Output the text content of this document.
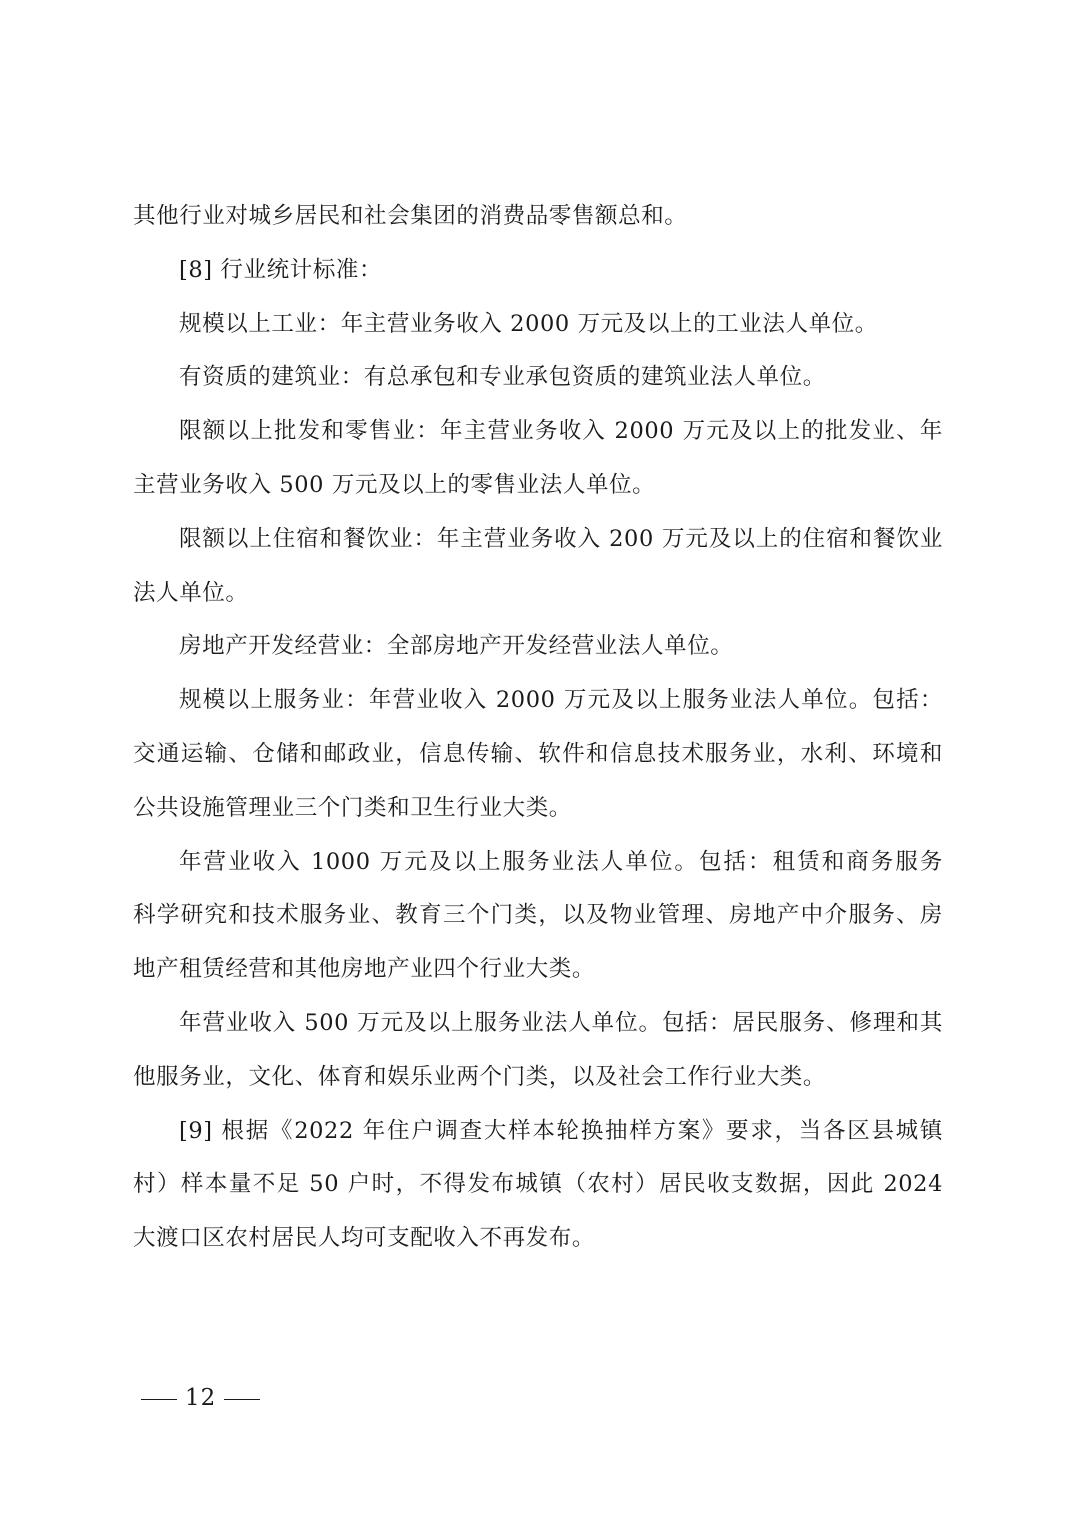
其他行业对城乡居民和社会集团的消费品零售额总和。
[8] 行业统计标准：
规模以上工业：年主营业务收入 2000 万元及以上的工业法人单位。
有资质的建筑业：有总承包和专业承包资质的建筑业法人单位。
限额以上批发和零售业：年主营业务收入 2000 万元及以上的批发业、年
主营业务收入 500 万元及以上的零售业法人单位。
限额以上住宿和餐饮业：年主营业务收入 200 万元及以上的住宿和餐饮业
法人单位。
房地产开发经营业：全部房地产开发经营业法人单位。
规模以上服务业：年营业收入 2000 万元及以上服务业法人单位。包括：
交通运输、仓储和邮政业，信息传输、软件和信息技术服务业，水利、环境和
公共设施管理业三个门类和卫生行业大类。
年营业收入 1000 万元及以上服务业法人单位。包括：租赁和商务服务
科学研究和技术服务业、教育三个门类，以及物业管理、房地产中介服务、房
地产租赁经营和其他房地产业四个行业大类。
年营业收入 500 万元及以上服务业法人单位。包括：居民服务、修理和其
他服务业，文化、体育和娱乐业两个门类，以及社会工作行业大类。
[9] 根据《2022 年住户调查大样本轮换抽样方案》要求，当各区县城镇
村）样本量不足 50 户时，不得发布城镇（农村）居民收支数据，因此 2024
大渡口区农村居民人均可支配收入不再发布。
12
